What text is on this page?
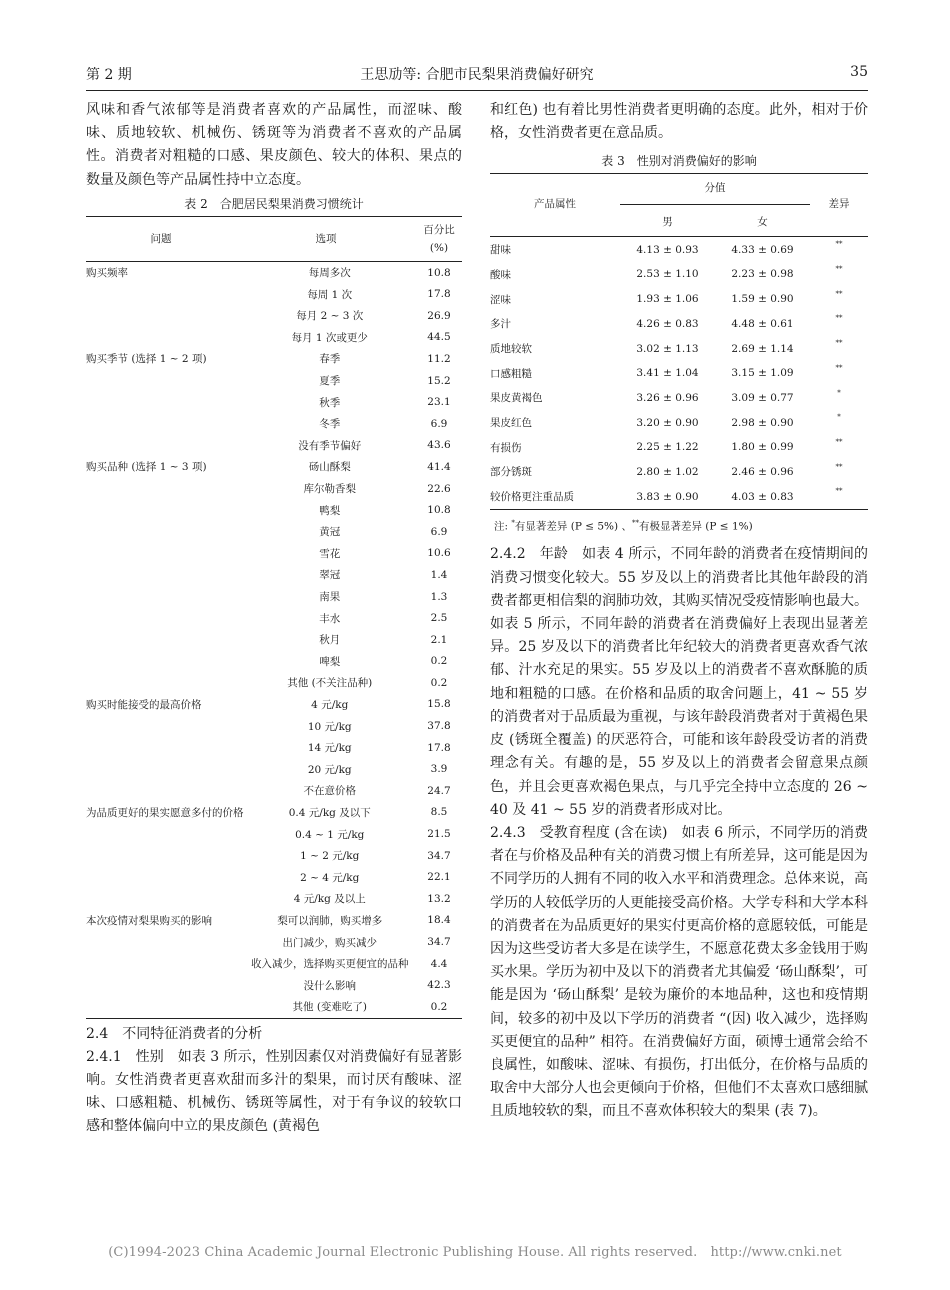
第 2 期	王思劢等: 合肥市民梨果消费偏好研究	35

风味和香气浓郁等是消费者喜欢的产品属性，而涩味、酸味、质地较软、机械伤、锈斑等为消费者不喜欢的产品属性。消费者对粗糙的口感、果皮颜色、较大的体积、果点的数量及颜色等产品属性持中立态度。

表 2　合肥居民梨果消费习惯统计
问题	选项
百分比
(%)
购买频率	每周多次	10.8
	每周 1 次	17.8
	每月 2 ~ 3 次	26.9
	每月 1 次或更少	44.5
购买季节 (选择 1 ~ 2 项)	春季	11.2
	夏季	15.2
	秋季	23.1
	冬季	6.9
	没有季节偏好	43.6
购买品种 (选择 1 ~ 3 项)	砀山酥梨	41.4
	库尔勒香梨	22.6
	鸭梨	10.8
	黄冠	6.9
	雪花	10.6
	翠冠	1.4
	南果	1.3
	丰水	2.5
	秋月	2.1
	啤梨	0.2
	其他 (不关注品种)	0.2
购买时能接受的最高价格	4 元/kg	15.8
	10 元/kg	37.8
	14 元/kg	17.8
	20 元/kg	3.9
	不在意价格	24.7
为品质更好的果实愿意多付的价格	0.4 元/kg 及以下	8.5
	0.4 ~ 1 元/kg	21.5
	1 ~ 2 元/kg	34.7
	2 ~ 4 元/kg	22.1
	4 元/kg 及以上	13.2
本次疫情对梨果购买的影响	梨可以润肺，购买增多	18.4
	出门减少，购买减少	34.7
	收入减少，选择购买更便宜的品种	4.4
	没什么影响	42.3
	其他 (变难吃了)	0.2

2.4　不同特征消费者的分析

2.4.1　性别　 如表 3 所示，性别因素仅对消费偏好有显著影响。女性消费者更喜欢甜而多汁的梨果，而讨厌有酸味、涩味、口感粗糙、机械伤、锈斑等属性，对于有争议的较软口感和整体偏向中立的果皮颜色 (黄褐色

和红色) 也有着比男性消费者更明确的态度。此外，相对于价格，女性消费者更在意品质。

表 3　性别对消费偏好的影响
产品属性
分值
男	女
差异
甜味	4.13 ± 0.93	4.33 ± 0.69	**
酸味	2.53 ± 1.10	2.23 ± 0.98	**
涩味	1.93 ± 1.06	1.59 ± 0.90	**
多汁	4.26 ± 0.83	4.48 ± 0.61	**
质地较软	3.02 ± 1.13	2.69 ± 1.14	**
口感粗糙	3.41 ± 1.04	3.15 ± 1.09	**
果皮黄褐色	3.26 ± 0.96	3.09 ± 0.77	*
果皮红色	3.20 ± 0.90	2.98 ± 0.90	*
有损伤	2.25 ± 1.22	1.80 ± 0.99	**
部分锈斑	2.80 ± 1.02	2.46 ± 0.96	**
较价格更注重品质	3.83 ± 0.90	4.03 ± 0.83	**
注: *有显著差异 (P ≤ 5%) 、**有极显著差异 (P ≤ 1%)

2.4.2　年龄　 如表 4 所示，不同年龄的消费者在疫情期间的消费习惯变化较大。55 岁及以上的消费者比其他年龄段的消费者都更相信梨的润肺功效，其购买情况受疫情影响也最大。如表 5 所示，不同年龄的消费者在消费偏好上表现出显著差异。25 岁及以下的消费者比年纪较大的消费者更喜欢香气浓郁、汁水充足的果实。55 岁及以上的消费者不喜欢酥脆的质地和粗糙的口感。在价格和品质的取舍问题上，41 ~ 55 岁的消费者对于品质最为重视，与该年龄段消费者对于黄褐色果皮 (锈斑全覆盖) 的厌恶符合，可能和该年龄段受访者的消费理念有关。有趣的是，55 岁及以上的消费者会留意果点颜色，并且会更喜欢褐色果点，与几乎完全持中立态度的 26 ~ 40 及 41 ~ 55 岁的消费者形成对比。

2.4.3　受教育程度 (含在读)　 如表 6 所示，不同学历的消费者在与价格及品种有关的消费习惯上有所差异，这可能是因为不同学历的人拥有不同的收入水平和消费理念。总体来说，高学历的人较低学历的人更能接受高价格。大学专科和大学本科的消费者在为品质更好的果实付更高价格的意愿较低，可能是因为这些受访者大多是在读学生，不愿意花费太多金钱用于购买水果。学历为初中及以下的消费者尤其偏爱 ‘砀山酥梨’，可能是因为 ‘砀山酥梨’ 是较为廉价的本地品种，这也和疫情期间，较多的初中及以下学历的消费者 “(因) 收入减少，选择购买更便宜的品种” 相符。在消费偏好方面，硕博士通常会给不良属性，如酸味、涩味、有损伤，打出低分，在价格与品质的取舍中大部分人也会更倾向于价格，但他们不太喜欢口感细腻且质地较软的梨，而且不喜欢体积较大的梨果 (表 7)。

(C)1994-2023 China Academic Journal Electronic Publishing House. All rights reserved.　http://www.cnki.net
